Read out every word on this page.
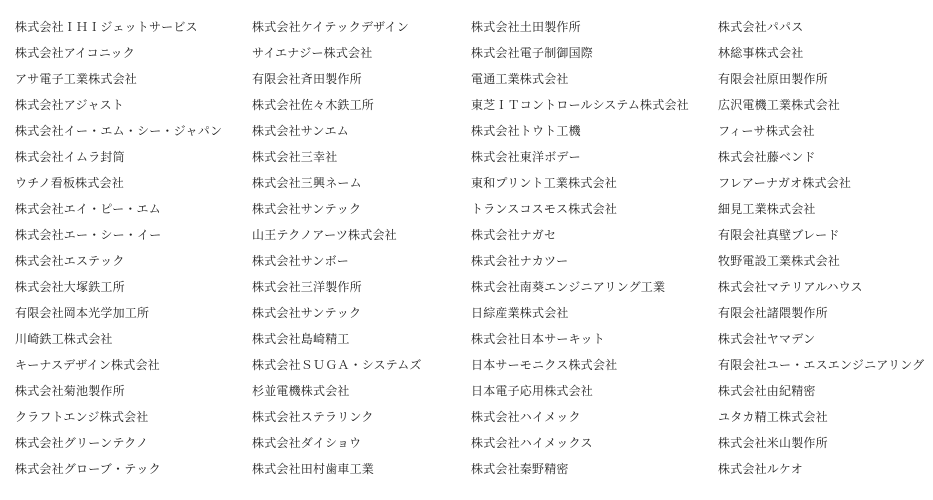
株式会社ＩＨＩジェットサービス
株式会社アイコニック
アサ電子工業株式会社
株式会社アジャスト
株式会社イー・エム・シー・ジャパン
株式会社イムラ封筒
ウチノ看板株式会社
株式会社エイ・ピー・エム
株式会社エー・シー・イー
株式会社エステック
株式会社大塚鉄工所
有限会社岡本光学加工所
川崎鉄工株式会社
キーナスデザイン株式会社
株式会社菊池製作所
クラフトエンジ株式会社
株式会社グリーンテクノ
株式会社グローブ・テック
株式会社ケイテックデザイン
サイエナジー株式会社
有限会社斉田製作所
株式会社佐々木鉄工所
株式会社サンエム
株式会社三幸社
株式会社三興ネーム
株式会社サンテック
山王テクノアーツ株式会社
株式会社サンボー
株式会社三洋製作所
株式会社サンテック
株式会社島崎精工
株式会社ＳＵＧＡ・システムズ
杉並電機株式会社
株式会社ステラリンク
株式会社ダイショウ
株式会社田村歯車工業
株式会社土田製作所
株式会社電子制御国際
電通工業株式会社
東芝ＩＴコントロールシステム株式会社
株式会社トウト工機
株式会社東洋ボデー
東和プリント工業株式会社
トランスコスモス株式会社
株式会社ナガセ
株式会社ナカツー
株式会社南葵エンジニアリング工業
日綜産業株式会社
株式会社日本サーキット
日本サーモニクス株式会社
日本電子応用株式会社
株式会社ハイメック
株式会社ハイメックス
株式会社秦野精密
株式会社パパス
林総事株式会社
有限会社原田製作所
広沢電機工業株式会社
フィーサ株式会社
株式会社藤ベンド
フレアーナガオ株式会社
細見工業株式会社
有限会社真壁ブレード
牧野電設工業株式会社
株式会社マテリアルハウス
有限会社諸隈製作所
株式会社ヤマデン
有限会社ユー・エスエンジニアリング
株式会社由紀精密
ユタカ精工株式会社
株式会社米山製作所
株式会社ルケオ
